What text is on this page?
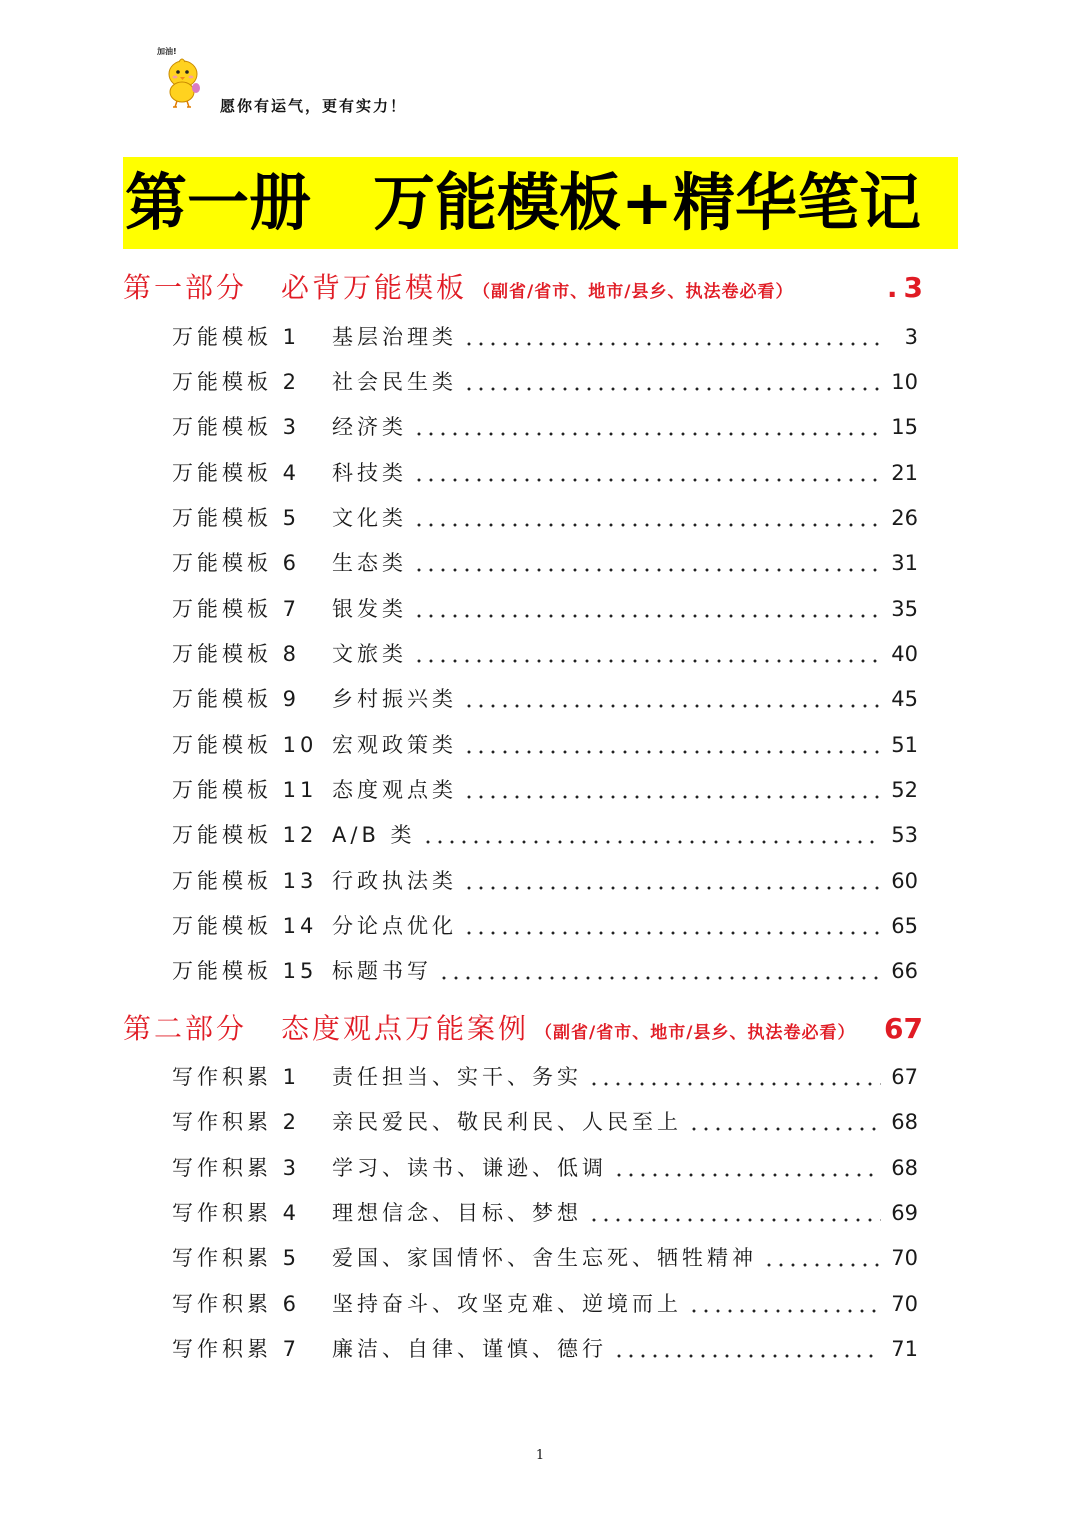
加油!
愿你有运气，更有实力！
第一册 万能模板+精华笔记
第一部分 必背万能模板 （副省/省市、地市/县乡、执法卷必看）	. 3
万能模板 1	基层治理类	3
万能模板 2	社会民生类	10
万能模板 3	经济类	15
万能模板 4	科技类	21
万能模板 5	文化类	26
万能模板 6	生态类	31
万能模板 7	银发类	35
万能模板 8	文旅类	40
万能模板 9	乡村振兴类	45
万能模板 10 宏观政策类	51
万能模板 11 态度观点类	52
万能模板 12 A/B 类	53
万能模板 13 行政执法类	60
万能模板 14 分论点优化	65
万能模板 15 标题书写	66
第二部分 态度观点万能案例 （副省/省市、地市/县乡、执法卷必看） 67
写作积累 1	责任担当、实干、务实	67
写作积累 2	亲民爱民、敬民利民、人民至上	68
写作积累 3	学习、读书、谦逊、低调	68
写作积累 4	理想信念、目标、梦想	69
写作积累 5	爱国、家国情怀、舍生忘死、牺牲精神	70
写作积累 6	坚持奋斗、攻坚克难、逆境而上	70
写作积累 7	廉洁、自律、谨慎、德行	71
1
